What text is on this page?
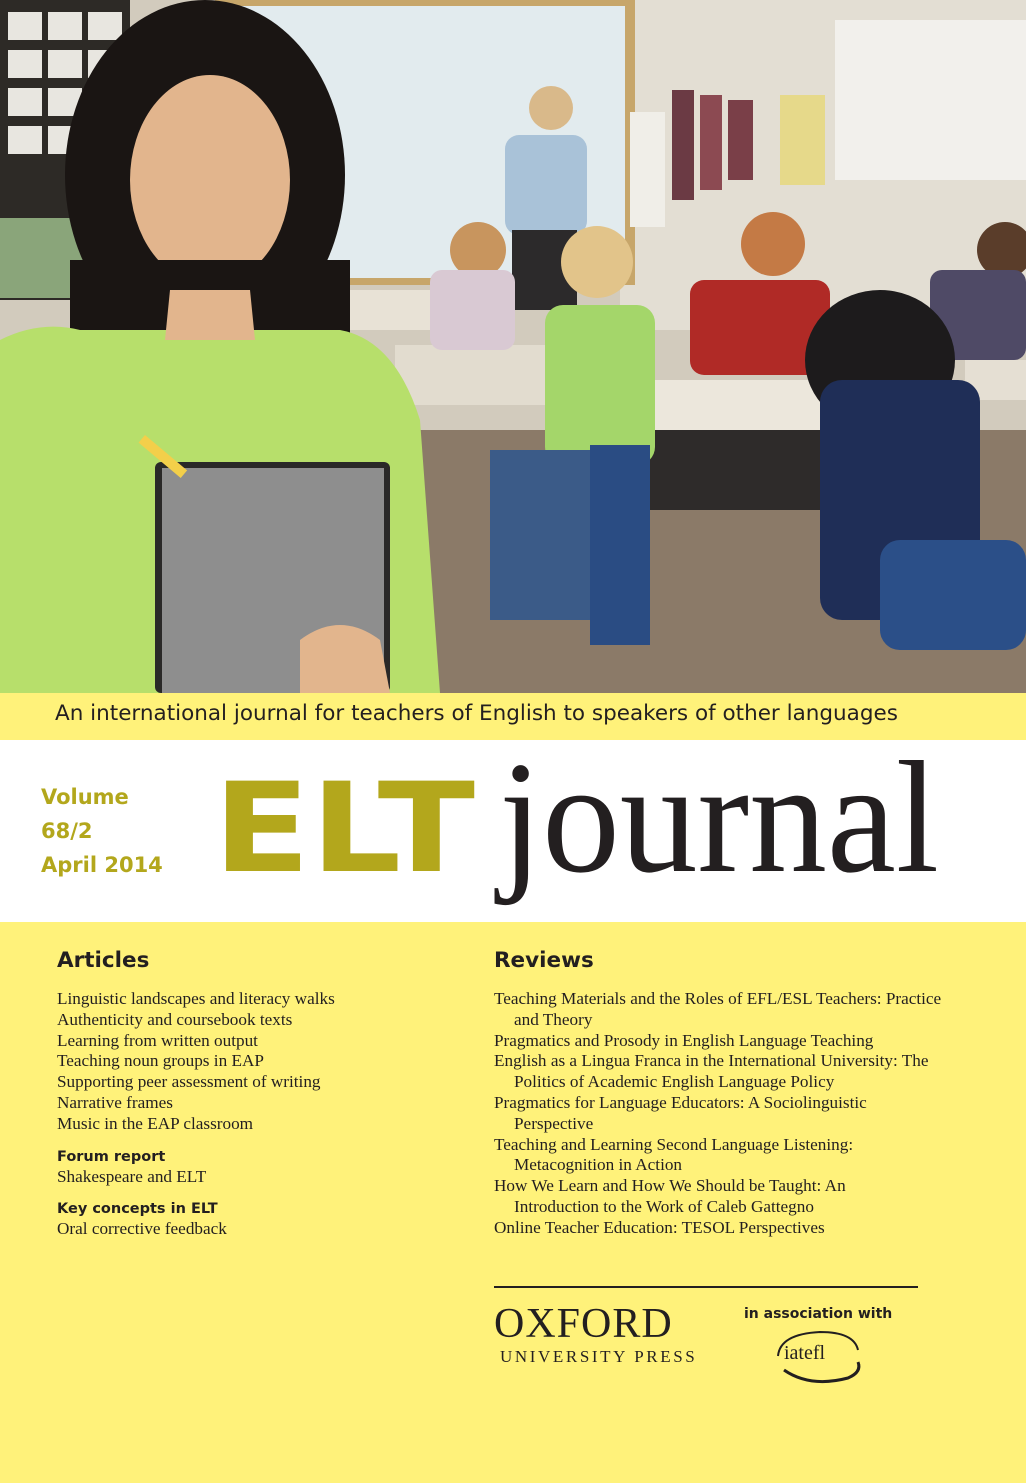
An international journal for teachers of English to speakers of other languages
Volume
68/2
April 2014 ELT journal
Articles
Linguistic landscapes and literacy walks
Authenticity and coursebook texts
Learning from written output
Teaching noun groups in EAP
Supporting peer assessment of writing
Narrative frames
Music in the EAP classroom
Forum report
Shakespeare and ELT
Key concepts in ELT
Oral corrective feedback
Reviews
Teaching Materials and the Roles of EFL/ESL Teachers: Practice and Theory
Pragmatics and Prosody in English Language Teaching
English as a Lingua Franca in the International University: The Politics of Academic English Language Policy
Pragmatics for Language Educators: A Sociolinguistic Perspective
Teaching and Learning Second Language Listening: Metacognition in Action
How We Learn and How We Should be Taught: An Introduction to the Work of Caleb Gattegno
Online Teacher Education: TESOL Perspectives
OXFORD
UNIVERSITY PRESS
in association with
iatefl
